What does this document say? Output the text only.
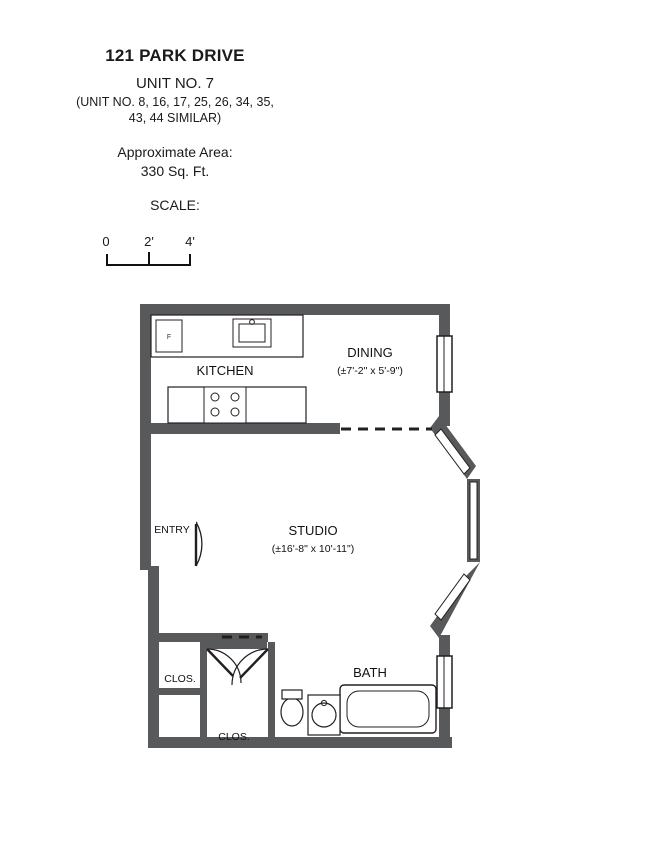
121 PARK DRIVE

UNIT NO. 7

(UNIT NO. 8, 16, 17, 25, 26, 34, 35,

43, 44 SIMILAR)

Approximate Area:
330 Sq. Ft.
SCALE:
0	2' 4'
F
KITCHEN
DINING
(±7'-2" x 5'-9")
STUDIO
(±16'-8" x 10'-11")
BATH
ENTRY
CLOS.
CLOS.
